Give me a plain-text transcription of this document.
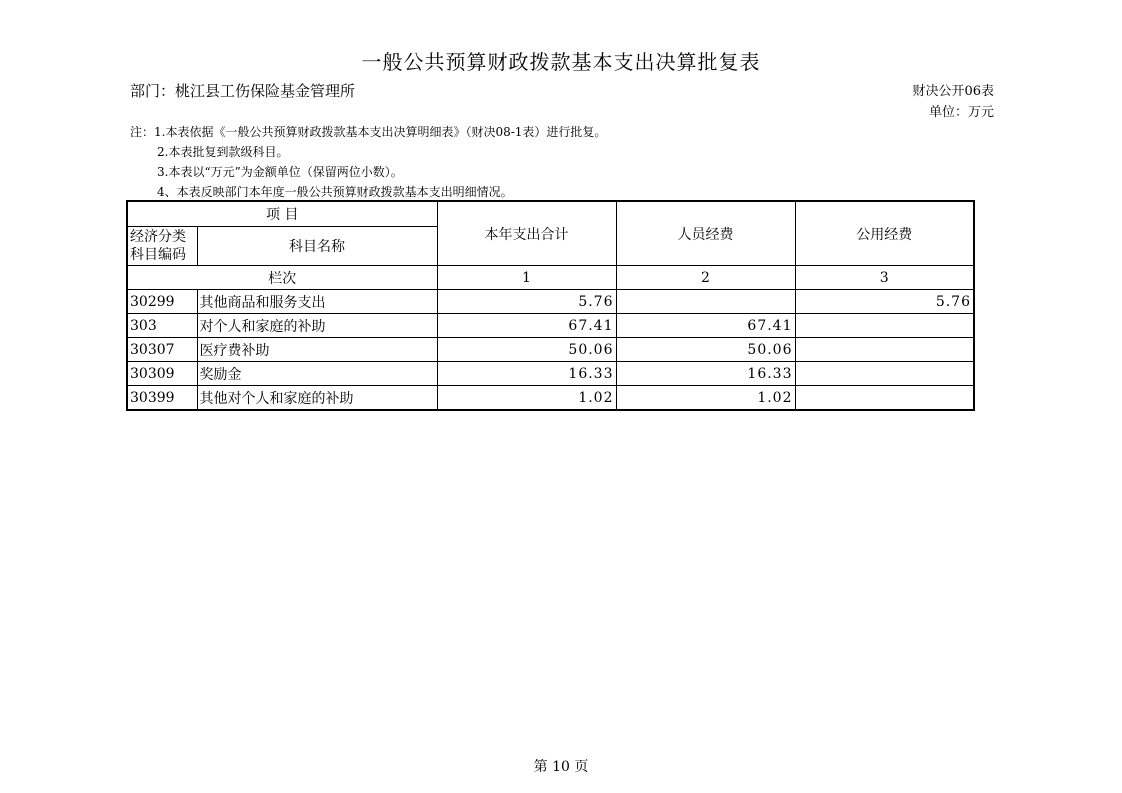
一般公共预算财政拨款基本支出决算批复表
部门：桃江县工伤保险基金管理所	财决公开06表
单位：万元
注：1.本表依据《一般公共预算财政拨款基本支出决算明细表》（财决08-1表）进行批复。
2.本表批复到款级科目。
3.本表以“万元”为金额单位（保留两位小数）。
4、本表反映部门本年度一般公共预算财政拨款基本支出明细情况。
项 目		本年支出合计	人员经费	公用经费
经济分类科目编码	科目名称			
栏次		1	2	3
30299	其他商品和服务支出	5.76		5.76
303	对个人和家庭的补助	67.41	67.41	
30307	医疗费补助	50.06	50.06	
30309	奖励金	16.33	16.33	
30399	其他对个人和家庭的补助	1.02	1.02	
第 10 页
